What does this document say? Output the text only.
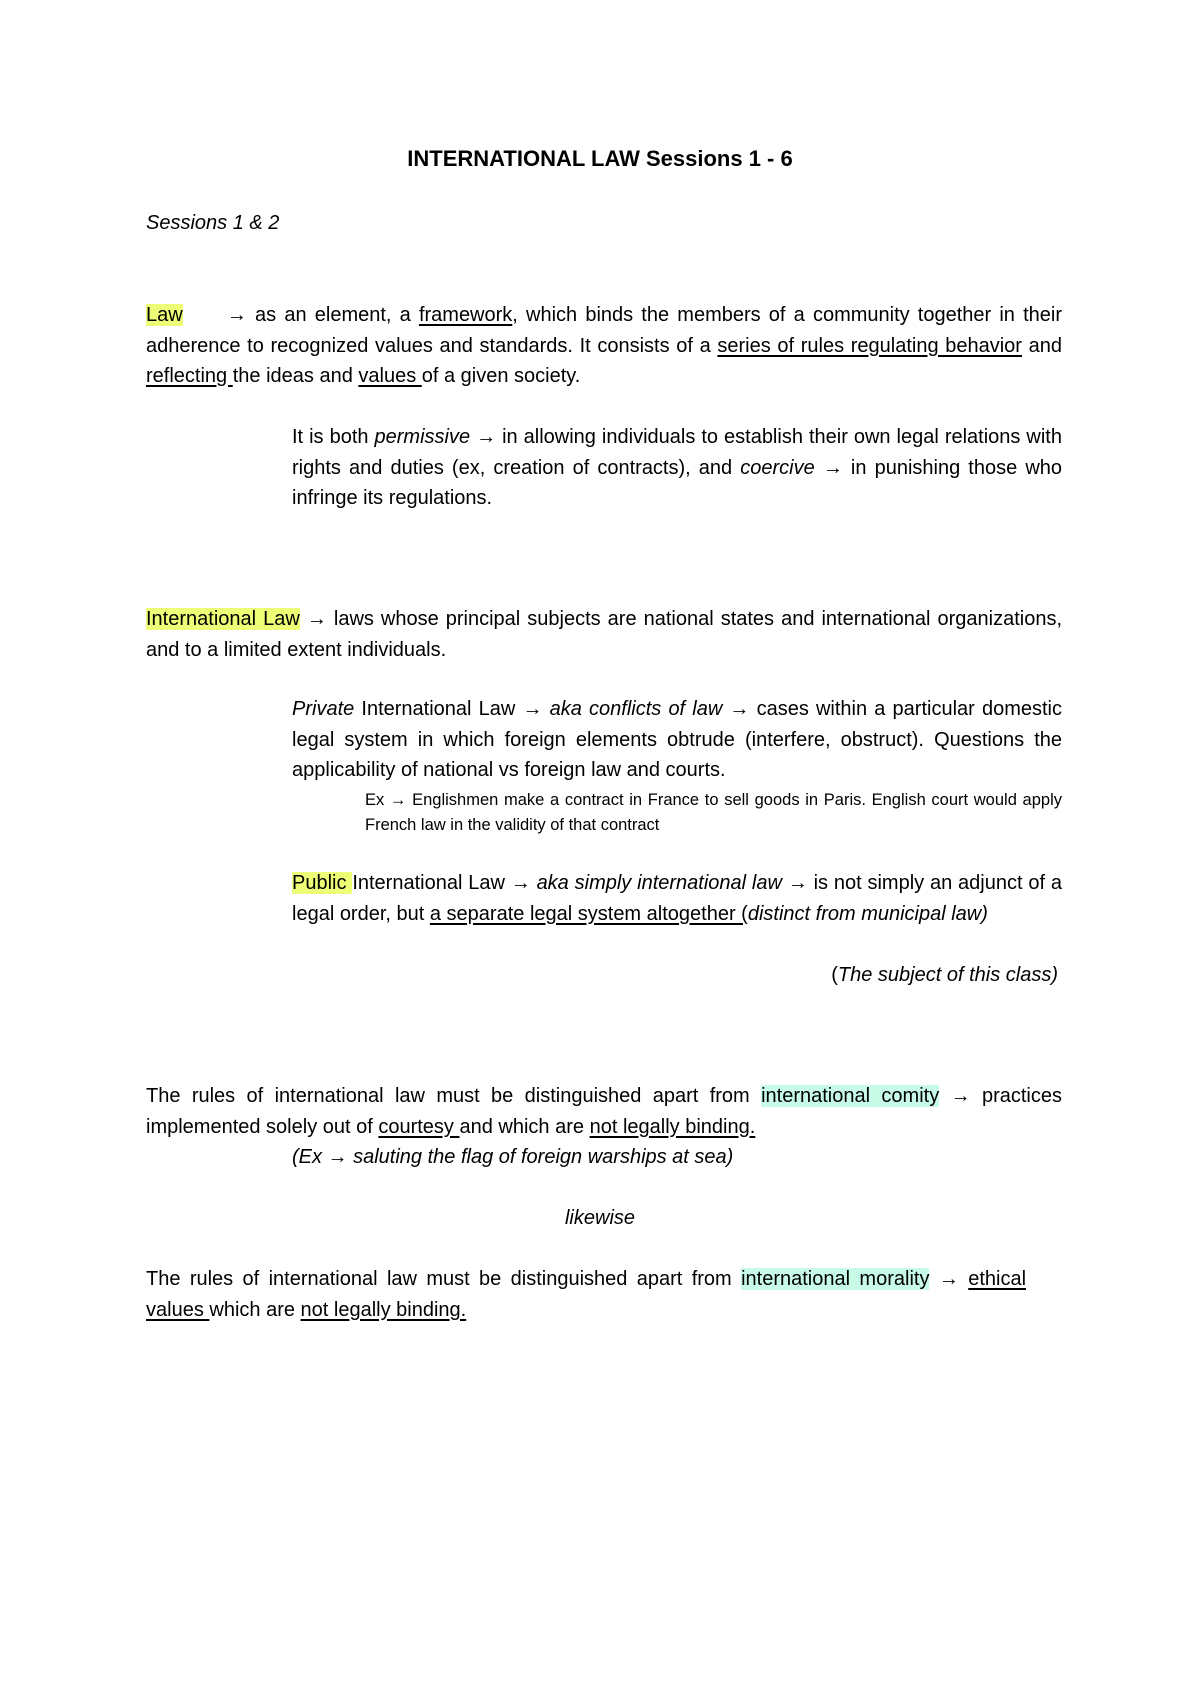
INTERNATIONAL LAW Sessions 1 - 6
Sessions 1 & 2
Law → as an element, a framework, which binds the members of a community together in their adherence to recognized values and standards. It consists of a series of rules regulating behavior and reflecting the ideas and values of a given society.
It is both permissive → in allowing individuals to establish their own legal relations with rights and duties (ex, creation of contracts), and coercive → in punishing those who infringe its regulations.
International Law → laws whose principal subjects are national states and international organizations, and to a limited extent individuals.
Private International Law → aka conflicts of law → cases within a particular domestic legal system in which foreign elements obtrude (interfere, obstruct). Questions the applicability of national vs foreign law and courts.
Ex → Englishmen make a contract in France to sell goods in Paris. English court would apply French law in the validity of that contract
Public International Law → aka simply international law → is not simply an adjunct of a legal order, but a separate legal system altogether (distinct from municipal law)
(The subject of this class)
The rules of international law must be distinguished apart from international comity → practices implemented solely out of courtesy and which are not legally binding.
(Ex → saluting the flag of foreign warships at sea)
likewise
The rules of international law must be distinguished apart from international morality → ethical values which are not legally binding.
